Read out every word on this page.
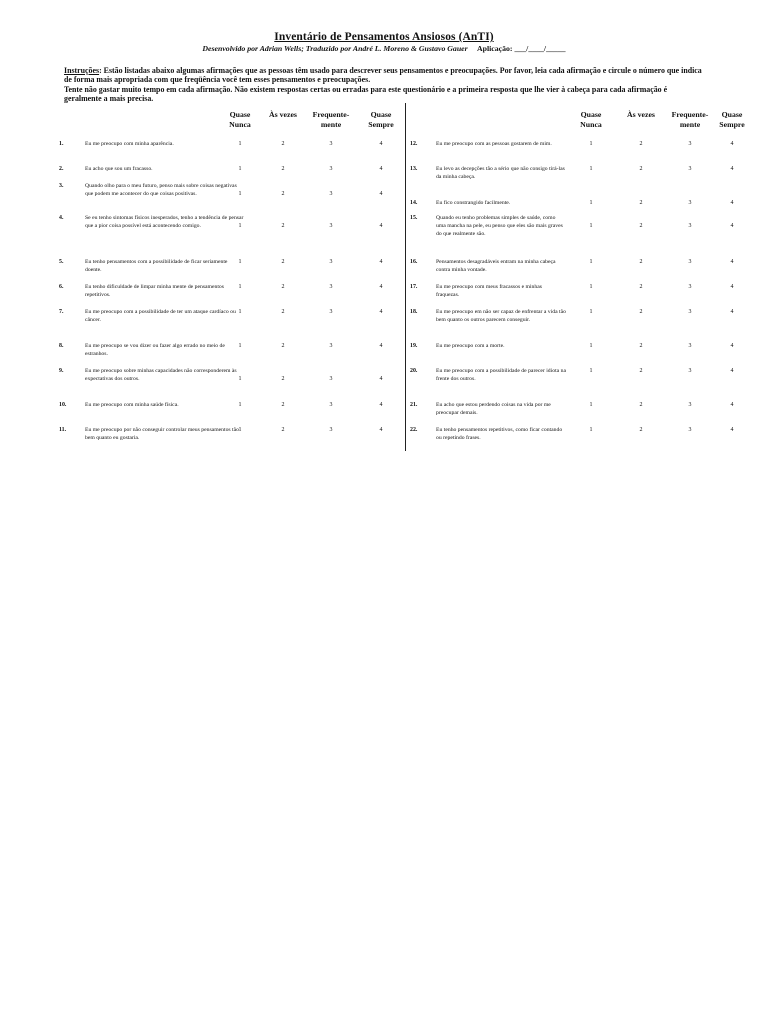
Inventário de Pensamentos Ansiosos (AnTI)
Desenvolvido por Adrian Wells; Traduzido por André L. Moreno & Gustavo Gauer Aplicação: ___/____/_____
Instruções: Estão listadas abaixo algumas afirmações que as pessoas têm usado para descrever seus pensamentos e preocupações. Por favor, leia cada afirmação e circule o número que indica de forma mais apropriada com que freqüência você tem esses pensamentos e preocupações.
Tente não gastar muito tempo em cada afirmação. Não existem respostas certas ou erradas para este questionário e a primeira resposta que lhe vier à cabeça para cada afirmação é geralmente a mais precisa.
Quase Nunca
Às vezes	Frequente-mente
Quase Sempre
Quase Nunca
Às vezes	Frequente-mente
Quase Sempre
1.	Eu me preocupo com minha aparência.	1	2	3	4
2.	Eu acho que sou um fracasso.	1	2	3	4
3.	Quando olho para o meu futuro, penso mais sobre coisas negativas que podem me acontecer do que coisas positivas.	1	2	3	4
4.	Se eu tenho sintomas físicos inesperados, tenho a tendência de pensar que a pior coisa possível está acontecendo comigo.	1	2	3	4
5.	Eu tenho pensamentos com a possibilidade de ficar seriamente doente.
1	2	3	4
6.	Eu tenho dificuldade de limpar minha mente de pensamentos repetitivos.
1	2	3	4
7.	Eu me preocupo com a possibilidade de ter um ataque cardíaco ou câncer.
1	2	3	4
8.	Eu me preocupo se vou dizer ou fazer algo errado no meio de estranhos.
1	2	3	4
9.	Eu me preocupo sobre minhas capacidades não corresponderem às expectativas dos outros.	1	2	3	4
10.	Eu me preocupo com minha saúde física.	1	2	3	4
11.	Eu me preocupo por não conseguir controlar meus pensamentos tão bem quanto eu gostaria.
1	2	3	4
12.	Eu me preocupo com as pessoas gostarem de mim.	1	2	3	4
13.	Eu levo as decepções tão a sério que não consigo tirá-las da minha cabeça.
1	2	3	4
14.	Eu fico constrangido facilmente.	1	2	3	4
15.	Quando eu tenho problemas simples de saúde, como uma mancha na pele, eu penso que eles são mais graves do que realmente são.
1	2	3	4
16.	Pensamentos desagradáveis entram na minha cabeça contra minha vontade.
1	2	3	4
17.	Eu me preocupo com meus fracassos e minhas fraquezas.
1	2	3	4
18.	Eu me preocupo em não ser capaz de enfrentar a vida tão bem quanto os outros parecem conseguir.
1	2	3	4
19.	Eu me preocupo com a morte.	1	2	3	4
20.	Eu me preocupo com a possibilidade de parecer idiota na frente dos outros.
1	2	3	4
21.	Eu acho que estou perdendo coisas na vida por me preocupar demais.
1	2	3	4
22.	Eu tenho pensamentos repetitivos, como ficar contando ou repetindo frases.
1	2	3	4
